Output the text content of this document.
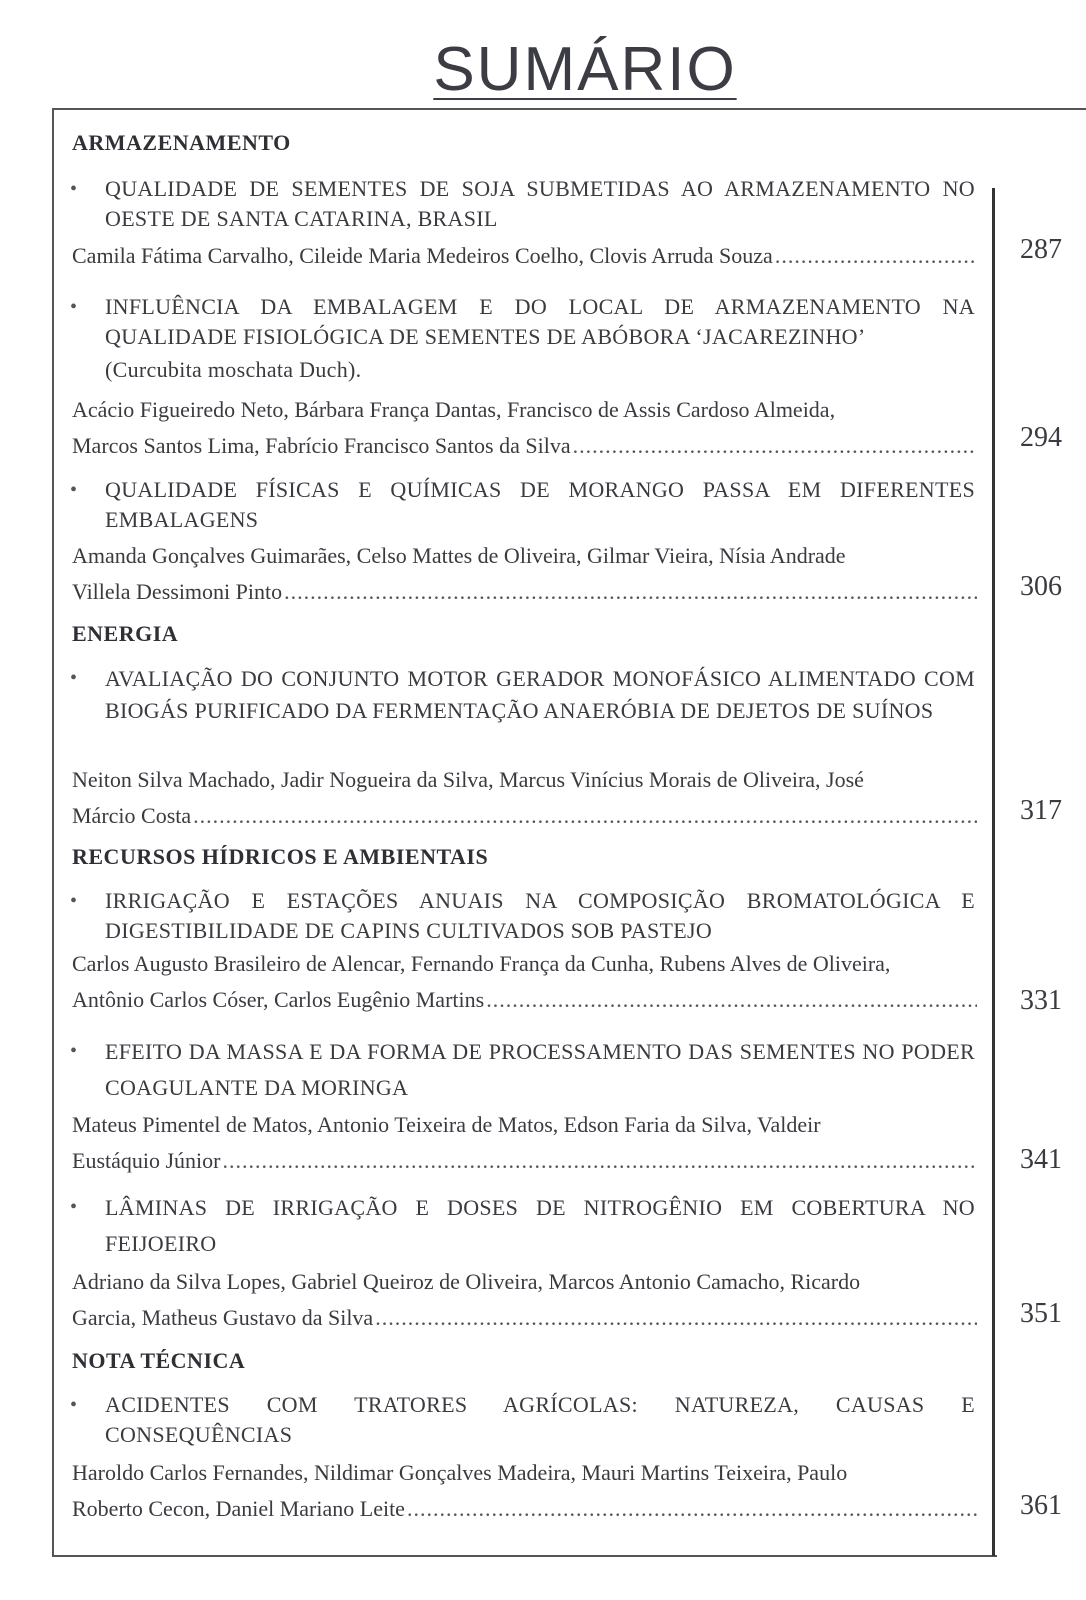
SUMÁRIO
ARMAZENAMENTO
• QUALIDADE DE SEMENTES DE SOJA SUBMETIDAS AO ARMAZENAMENTO NO OESTE DE SANTA CATARINA, BRASIL
Camila Fátima Carvalho, Cileide Maria Medeiros Coelho, Clovis Arruda Souza .....	287
• INFLUÊNCIA DA EMBALAGEM E DO LOCAL DE ARMAZENAMENTO NA QUALIDADE FISIOLÓGICA DE SEMENTES DE ABÓBORA ‘JACAREZINHO’
(Curcubita moschata Duch).
Acácio Figueiredo Neto, Bárbara França Dantas, Francisco de Assis Cardoso Almeida,
Marcos Santos Lima, Fabrício Francisco Santos da Silva .....	294
• QUALIDADE FÍSICAS E QUÍMICAS DE MORANGO PASSA EM DIFERENTES EMBALAGENS
Amanda Gonçalves Guimarães, Celso Mattes de Oliveira, Gilmar Vieira, Nísia Andrade
Villela Dessimoni Pinto .....	306
ENERGIA
• AVALIAÇÃO DO CONJUNTO MOTOR GERADOR MONOFÁSICO ALIMENTADO COM BIOGÁS PURIFICADO DA FERMENTAÇÃO ANAERÓBIA DE DEJETOS DE SUÍNOS
Neiton Silva Machado, Jadir Nogueira da Silva, Marcus Vinícius Morais de Oliveira, José
Márcio Costa .....	317
RECURSOS HÍDRICOS E AMBIENTAIS
• IRRIGAÇÃO E ESTAÇÕES ANUAIS NA COMPOSIÇÃO BROMATOLÓGICA E DIGESTIBILIDADE DE CAPINS CULTIVADOS SOB PASTEJO
Carlos Augusto Brasileiro de Alencar, Fernando França da Cunha, Rubens Alves de Oliveira,
Antônio Carlos Cóser, Carlos Eugênio Martins .....	331
• EFEITO DA MASSA E DA FORMA DE PROCESSAMENTO DAS SEMENTES NO PODER COAGULANTE DA MORINGA
Mateus Pimentel de Matos, Antonio Teixeira de Matos, Edson Faria da Silva, Valdeir
Eustáquio Júnior .....	341
• LÂMINAS DE IRRIGAÇÃO E DOSES DE NITROGÊNIO EM COBERTURA NO FEIJOEIRO
Adriano da Silva Lopes, Gabriel Queiroz de Oliveira, Marcos Antonio Camacho, Ricardo
Garcia, Matheus Gustavo da Silva .....	351
NOTA TÉCNICA
• ACIDENTES COM TRATORES AGRÍCOLAS: NATUREZA, CAUSAS E CONSEQUÊNCIAS
Haroldo Carlos Fernandes, Nildimar Gonçalves Madeira, Mauri Martins Teixeira, Paulo
Roberto Cecon, Daniel Mariano Leite .....	361
